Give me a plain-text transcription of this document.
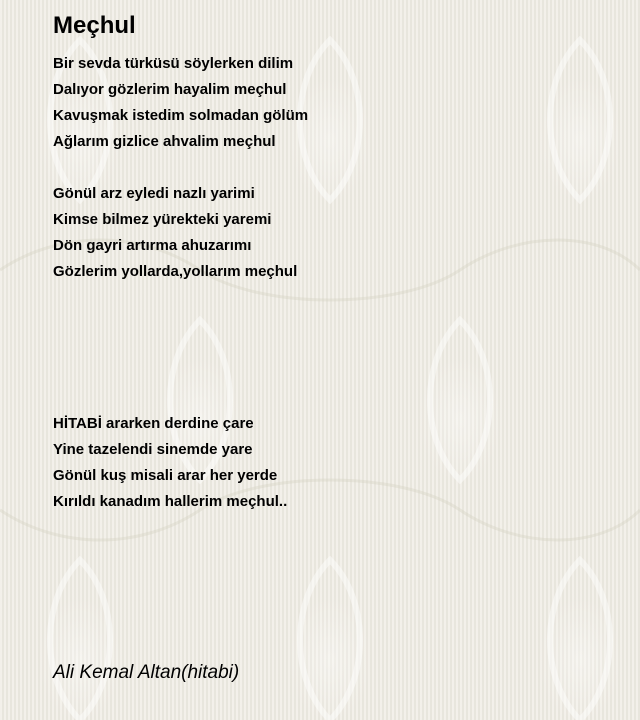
Meçhul
Bir sevda türküsü söylerken dilim
Dalıyor gözlerim hayalim meçhul
Kavuşmak istedim solmadan gölüm
Ağlarım gizlice ahvalim meçhul
Gönül arz eyledi nazlı yarimi
Kimse bilmez yürekteki yaremi
Dön gayri artırma ahuzarımı
Gözlerim yollarda,yollarım meçhul
HİTABİ ararken derdine çare
Yine tazelendi sinemde yare
Gönül kuş misali arar her yerde
Kırıldı kanadım hallerim meçhul..
Ali Kemal Altan(hitabi)
